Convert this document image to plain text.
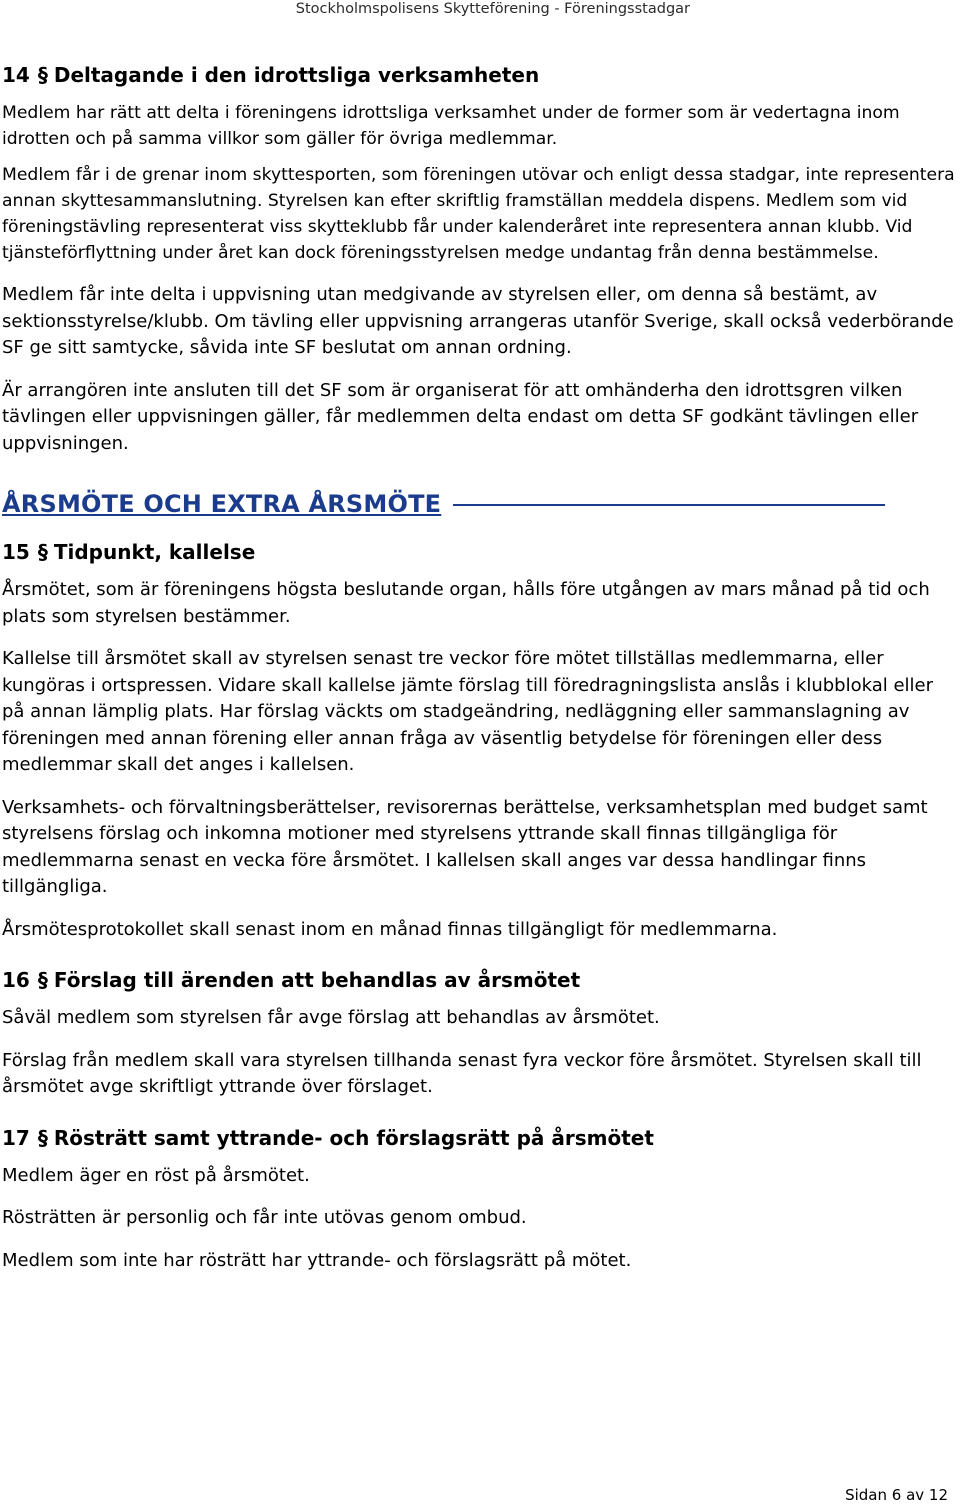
Stockholmspolisens Skytteförening - Föreningsstadgar
14 § Deltagande i den idrottsliga verksamheten

Medlem har rätt att delta i föreningens idrottsliga verksamhet under de former som är vedertagna inom idrotten och på samma villkor som gäller för övriga medlemmar.

Medlem får i de grenar inom skyttesporten, som föreningen utövar och enligt dessa stadgar, inte representera annan skyttesammanslutning. Styrelsen kan efter skriftlig framställan meddela dispens. Medlem som vid föreningstävling representerat viss skytteklubb får under kalenderåret inte representera annan klubb. Vid tjänsteförflyttning under året kan dock föreningsstyrelsen medge undantag från denna bestämmelse.

Medlem får inte delta i uppvisning utan medgivande av styrelsen eller, om denna så bestämt, av sektionsstyrelse/klubb. Om tävling eller uppvisning arrangeras utanför Sverige, skall också vederbörande SF ge sitt samtycke, såvida inte SF beslutat om annan ordning.

Är arrangören inte ansluten till det SF som är organiserat för att omhänderha den idrottsgren vilken tävlingen eller uppvisningen gäller, får medlemmen delta endast om detta SF godkänt tävlingen eller uppvisningen.

ÅRSMÖTE OCH EXTRA ÅRSMÖTE
15 § Tidpunkt, kallelse

Årsmötet, som är föreningens högsta beslutande organ, hålls före utgången av mars månad på tid och plats som styrelsen bestämmer.

Kallelse till årsmötet skall av styrelsen senast tre veckor före mötet tillställas medlemmarna, eller kungöras i ortspressen. Vidare skall kallelse jämte förslag till föredragningslista anslås i klubblokal eller på annan lämplig plats. Har förslag väckts om stadgeändring, nedläggning eller sammanslagning av föreningen med annan förening eller annan fråga av väsentlig betydelse för föreningen eller dess medlemmar skall det anges i kallelsen.

Verksamhets- och förvaltningsberättelser, revisorernas berättelse, verksamhetsplan med budget samt styrelsens förslag och inkomna motioner med styrelsens yttrande skall finnas tillgängliga för medlemmarna senast en vecka före årsmötet. I kallelsen skall anges var dessa handlingar finns tillgängliga.

Årsmötesprotokollet skall senast inom en månad finnas tillgängligt för medlemmarna.

16 § Förslag till ärenden att behandlas av årsmötet

Såväl medlem som styrelsen får avge förslag att behandlas av årsmötet.

Förslag från medlem skall vara styrelsen tillhanda senast fyra veckor före årsmötet. Styrelsen skall till årsmötet avge skriftligt yttrande över förslaget.

17 § Rösträtt samt yttrande- och förslagsrätt på årsmötet

Medlem äger en röst på årsmötet.

Rösträtten är personlig och får inte utövas genom ombud.

Medlem som inte har rösträtt har yttrande- och förslagsrätt på mötet.

Sidan 6 av 12
